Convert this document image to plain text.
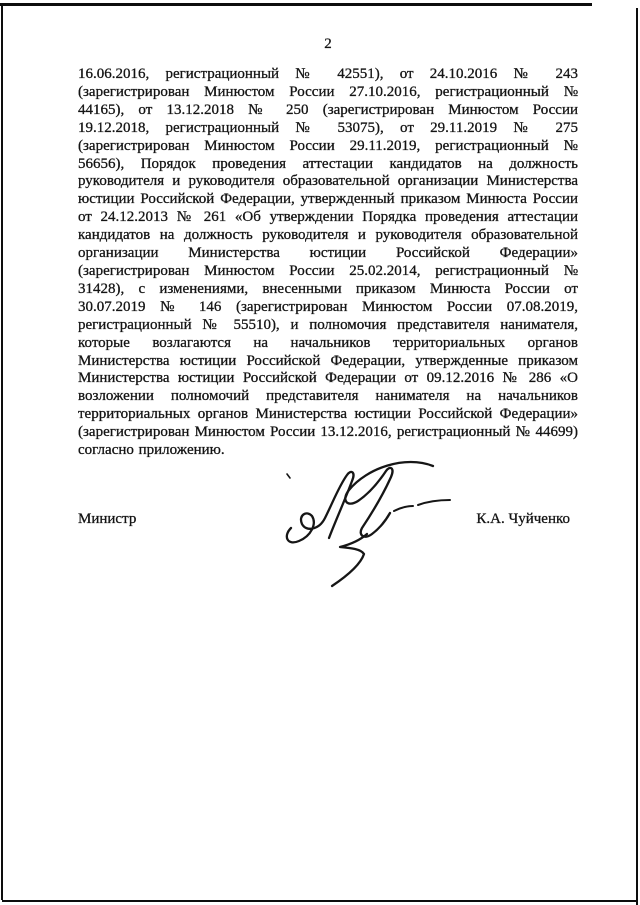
2
16.06.2016, регистрационный № 42551), от 24.10.2016 № 243 (зарегистрирован Минюстом России 27.10.2016, регистрационный № 44165), от 13.12.2018 № 250 (зарегистрирован Минюстом России 19.12.2018, регистрационный № 53075), от 29.11.2019 № 275 (зарегистрирован Минюстом России 29.11.2019, регистрационный № 56656), Порядок проведения аттестации кандидатов на должность руководителя и руководителя образовательной организации Министерства юстиции Российской Федерации, утвержденный приказом Минюста России от 24.12.2013 № 261 «Об утверждении Порядка проведения аттестации кандидатов на должность руководителя и руководителя образовательной организации Министерства юстиции Российской Федерации» (зарегистрирован Минюстом России 25.02.2014, регистрационный № 31428), с изменениями, внесенными приказом Минюста России от 30.07.2019 № 146 (зарегистрирован Минюстом России 07.08.2019, регистрационный № 55510), и полномочия представителя нанимателя, которые возлагаются на начальников территориальных органов Министерства юстиции Российской Федерации, утвержденные приказом Министерства юстиции Российской Федерации от 09.12.2016 № 286 «О возложении полномочий представителя нанимателя на начальников территориальных органов Министерства юстиции Российской Федерации» (зарегистрирован Минюстом России 13.12.2016, регистрационный № 44699) согласно приложению.
Министр	К.А. Чуйченко
